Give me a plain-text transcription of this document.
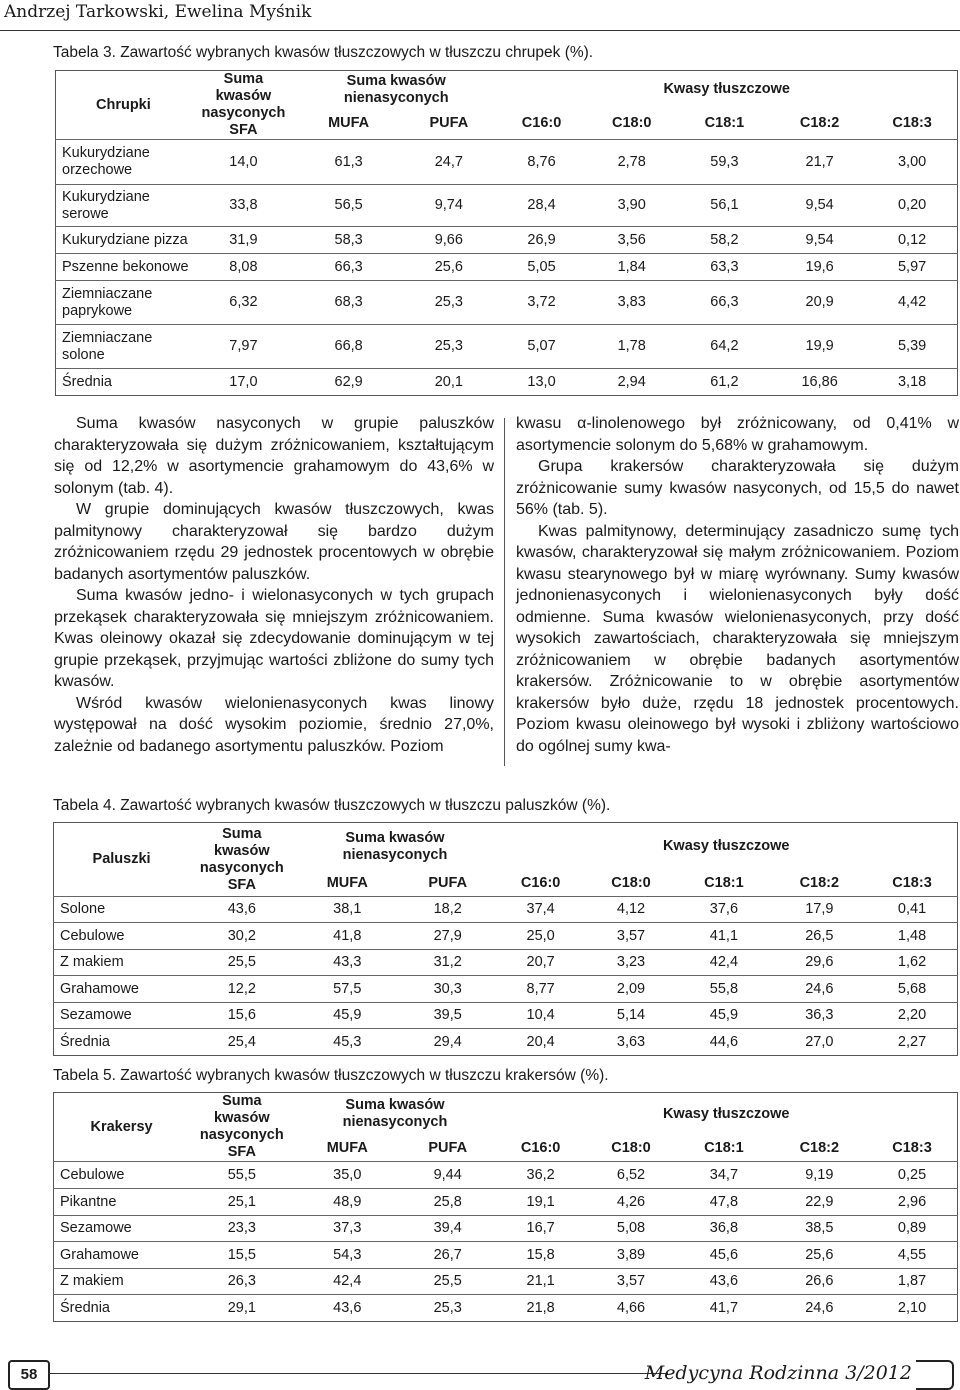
Andrzej Tarkowski, Ewelina Myśnik
Tabela 3. Zawartość wybranych kwasów tłuszczowych w tłuszczu chrupek (%).
Chrupki	Suma kwasów nasyconych SFA	Suma kwasów nienasyconych		Kwasy tłuszczowe				
		MUFA	PUFA	C16:0	C18:0	C18:1	C18:2	C18:3
Kukurydziane orzechowe	14,0	61,3	24,7	8,76	2,78	59,3	21,7	3,00
Kukurydziane serowe	33,8	56,5	9,74	28,4	3,90	56,1	9,54	0,20
Kukurydziane pizza	31,9	58,3	9,66	26,9	3,56	58,2	9,54	0,12
Pszenne bekonowe	8,08	66,3	25,6	5,05	1,84	63,3	19,6	5,97
Ziemniaczane paprykowe	6,32	68,3	25,3	3,72	3,83	66,3	20,9	4,42
Ziemniaczane solone	7,97	66,8	25,3	5,07	1,78	64,2	19,9	5,39
Średnia	17,0	62,9	20,1	13,0	2,94	61,2	16,86	3,18

Suma kwasów nasyconych w grupie paluszków charakteryzowała się dużym zróżnicowaniem, kształtującym się od 12,2% w asortymencie grahamowym do 43,6% w solonym (tab. 4).

W grupie dominujących kwasów tłuszczowych, kwas palmitynowy charakteryzował się bardzo dużym zróżnicowaniem rzędu 29 jednostek procentowych w obrębie badanych asortymentów paluszków.

Suma kwasów jedno- i wielonasyconych w tych grupach przekąsek charakteryzowała się mniejszym zróżnicowaniem. Kwas oleinowy okazał się zdecydowanie dominującym w tej grupie przekąsek, przyjmując wartości zbliżone do sumy tych kwasów.

Wśród kwasów wielonienasyconych kwas linowy występował na dość wysokim poziomie, średnio 27,0%, zależnie od badanego asortymentu paluszków. Poziom

kwasu α-linolenowego był zróżnicowany, od 0,41% w asortymencie solonym do 5,68% w grahamowym.

Grupa krakersów charakteryzowała się dużym zróżnicowanie sumy kwasów nasyconych, od 15,5 do nawet 56% (tab. 5).

Kwas palmitynowy, determinujący zasadniczo sumę tych kwasów, charakteryzował się małym zróżnicowaniem. Poziom kwasu stearynowego był w miarę wyrównany. Sumy kwasów jednonienasyconych i wielonienasyconych były dość odmienne. Suma kwasów wielonienasyconych, przy dość wysokich zawartościach, charakteryzowała się mniejszym zróżnicowaniem w obrębie badanych asortymentów krakersów. Zróżnicowanie to w obrębie asortymentów krakersów było duże, rzędu 18 jednostek procentowych. Poziom kwasu oleinowego był wysoki i zbliżony wartościowo do ogólnej sumy kwa-

Tabela 4. Zawartość wybranych kwasów tłuszczowych w tłuszczu paluszków (%).
Paluszki	Suma kwasów nasyconych SFA	Suma kwasów nienasyconych		Kwasy tłuszczowe				
		MUFA	PUFA	C16:0	C18:0	C18:1	C18:2	C18:3
Solone	43,6	38,1	18,2	37,4	4,12	37,6	17,9	0,41
Cebulowe	30,2	41,8	27,9	25,0	3,57	41,1	26,5	1,48
Z makiem	25,5	43,3	31,2	20,7	3,23	42,4	29,6	1,62
Grahamowe	12,2	57,5	30,3	8,77	2,09	55,8	24,6	5,68
Sezamowe	15,6	45,9	39,5	10,4	5,14	45,9	36,3	2,20
Średnia	25,4	45,3	29,4	20,4	3,63	44,6	27,0	2,27
Tabela 5. Zawartość wybranych kwasów tłuszczowych w tłuszczu krakersów (%).
Krakersy	Suma kwasów nasyconych SFA	Suma kwasów nienasyconych		Kwasy tłuszczowe				
		MUFA	PUFA	C16:0	C18:0	C18:1	C18:2	C18:3
Cebulowe	55,5	35,0	9,44	36,2	6,52	34,7	9,19	0,25
Pikantne	25,1	48,9	25,8	19,1	4,26	47,8	22,9	2,96
Sezamowe	23,3	37,3	39,4	16,7	5,08	36,8	38,5	0,89
Grahamowe	15,5	54,3	26,7	15,8	3,89	45,6	25,6	4,55
Z makiem	26,3	42,4	25,5	21,1	3,57	43,6	26,6	1,87
Średnia	29,1	43,6	25,3	21,8	4,66	41,7	24,6	2,10
58	Medycyna Rodzinna 3/2012
